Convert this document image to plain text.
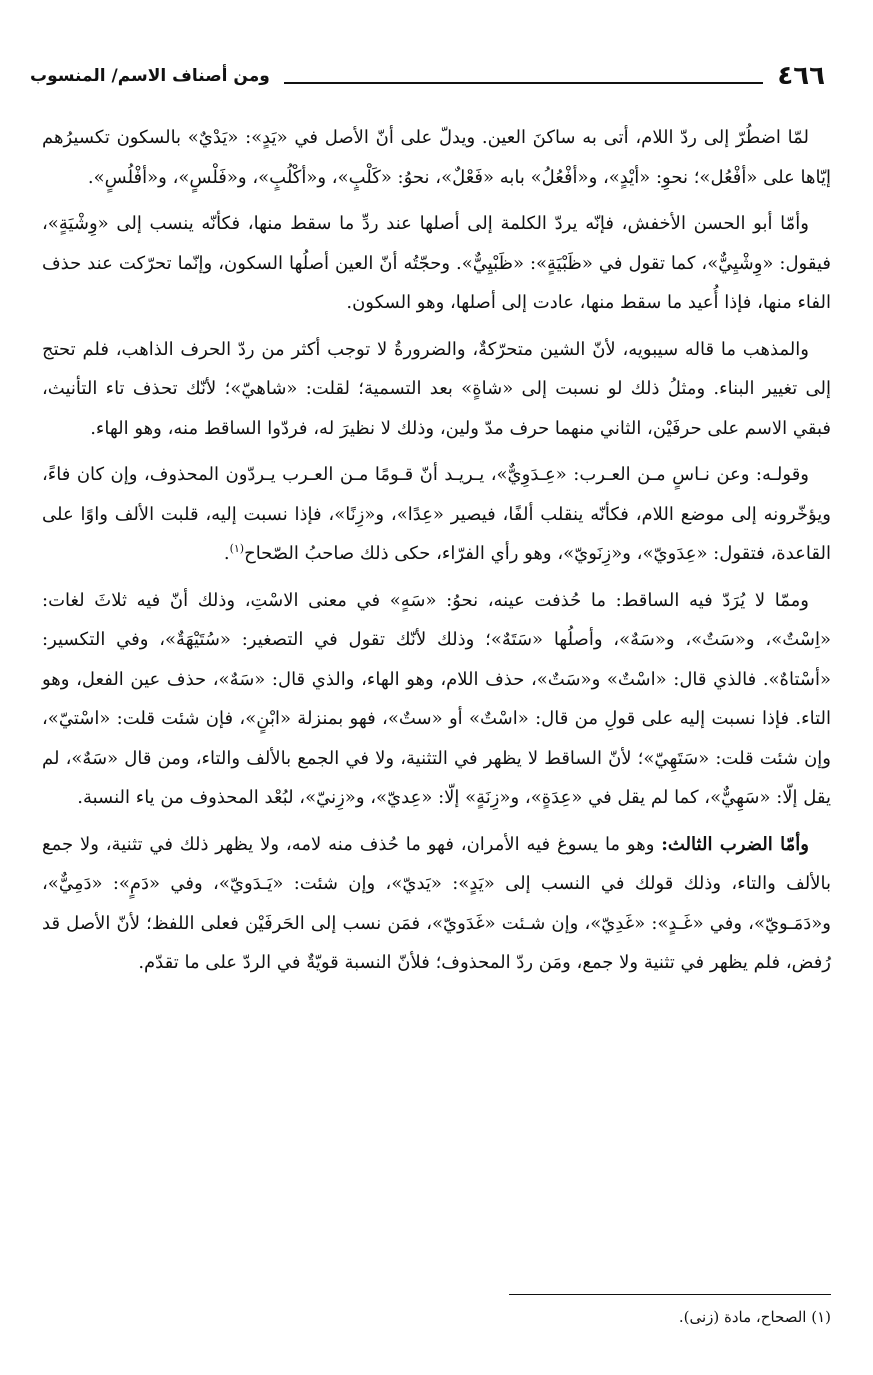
٤٦٦
ومن أصناف الاسم/ المنسوب

لمّا اضطُرّ إلى ردّ اللام، أتى به ساكنَ العين. ويدلّ على أنّ الأصل في «يَدٍ»: «يَدْيٌ» بالسكون تكسيرُهم إيّاها على «أفْعُل»؛ نحوِ: «أيْدٍ»، و«أفْعُلُ» بابه «فَعْلٌ»، نحوُ: «كَلْبٍ»، و«أكْلُبٍ»، و«فَلْسٍ»، و«أفْلُسٍ».

وأمّا أبو الحسن الأخفش، فإنّه يردّ الكلمة إلى أصلها عند ردِّ ما سقط منها، فكأنّه ينسب إلى «وِشْيَةٍ»، فيقول: «وِشْيِيٌّ»، كما تقول في «ظَبْيَةٍ»: «ظَبْيِيٌّ». وحجّتُه أنّ العين أصلُها السكون، وإنّما تحرّكت عند حذف الفاء منها، فإذا أُعيد ما سقط منها، عادت إلى أصلها، وهو السكون.

والمذهب ما قاله سيبويه، لأنّ الشين متحرّكةٌ، والضرورةُ لا توجب أكثر من ردّ الحرف الذاهب، فلم تحتج إلى تغيير البناء. ومثلُ ذلك لو نسبت إلى «شاةٍ» بعد التسمية؛ لقلت: «شاهيّ»؛ لأنّك تحذف تاء التأنيث، فبقي الاسم على حرفَيْن، الثاني منهما حرف مدّ ولين، وذلك لا نظيرَ له، فردّوا الساقط منه، وهو الهاء.

وقولـه: وعن نـاسٍ مـن العـرب: «عِـدَوِيٌّ»، يـريـد أنّ قـومًا مـن العـرب يـردّون المحذوف، وإن كان فاءً، ويؤخّرونه إلى موضع اللام، فكأنّه ينقلب ألفًا، فيصير «عِدًا»، و«زِنًا»، فإذا نسبت إليه، قلبت الألف واوًا على القاعدة، فتقول: «عِدَويّ»، و«زِنَويّ»، وهو رأي الفرّاء، حكى ذلك صاحبُ الصّحاح$^{(١)}$.

وممّا لا يُرَدّ فيه الساقط: ما حُذفت عينه، نحوُ: «سَهٍ» في معنى الاسْتِ، وذلك أنّ فيه ثلاثَ لغات: «اِسْتٌ»، و«سَتٌ»، و«سَهٌ»، وأصلُها «سَتَهٌ»؛ وذلك لأنّك تقول في التصغير: «سُتَيْهَةٌ»، وفي التكسير: «أسْتاهٌ». فالذي قال: «اسْتٌ» و«سَتٌ»، حذف اللام، وهو الهاء، والذي قال: «سَهٌ»، حذف عين الفعل، وهو التاء. فإذا نسبت إليه على قولِ من قال: «اسْتٌ» أو «ستٌ»، فهو بمنزلة «ابْنٍ»، فإن شئت قلت: «اسْتيّ»، وإن شئت قلت: «سَتَهِيّ»؛ لأنّ الساقط لا يظهر في التثنية، ولا في الجمع بالألف والتاء، ومن قال «سَهٌ»، لم يقل إلّا: «سَهِيٌّ»، كما لم يقل في «عِدَةٍ»، و«زِنَةٍ» إلّا: «عِديّ»، و«زِنيّ»، لبُعْد المحذوف من ياء النسبة.

وأمّا الضرب الثالث: وهو ما يسوغ فيه الأمران، فهو ما حُذف منه لامه، ولا يظهر ذلك في تثنية، ولا جمع بالألف والتاء، وذلك قولك في النسب إلى «يَدٍ»: «يَديّ»، وإن شئت: «يَـدَويّ»، وفي «دَمٍ»: «دَمِيٌّ»، و«دَمَـويّ»، وفي «غَـدٍ»: «غَدِيّ»، وإن شـئت «غَدَويّ»، فمَن نسب إلى الحَرفَيْن فعلى اللفظ؛ لأنّ الأصل قد رُفض، فلم يظهر في تثنية ولا جمع، ومَن ردّ المحذوف؛ فلأنّ النسبة قويّةٌ في الردّ على ما تقدّم.

(١) الصحاح، مادة (زنى).
